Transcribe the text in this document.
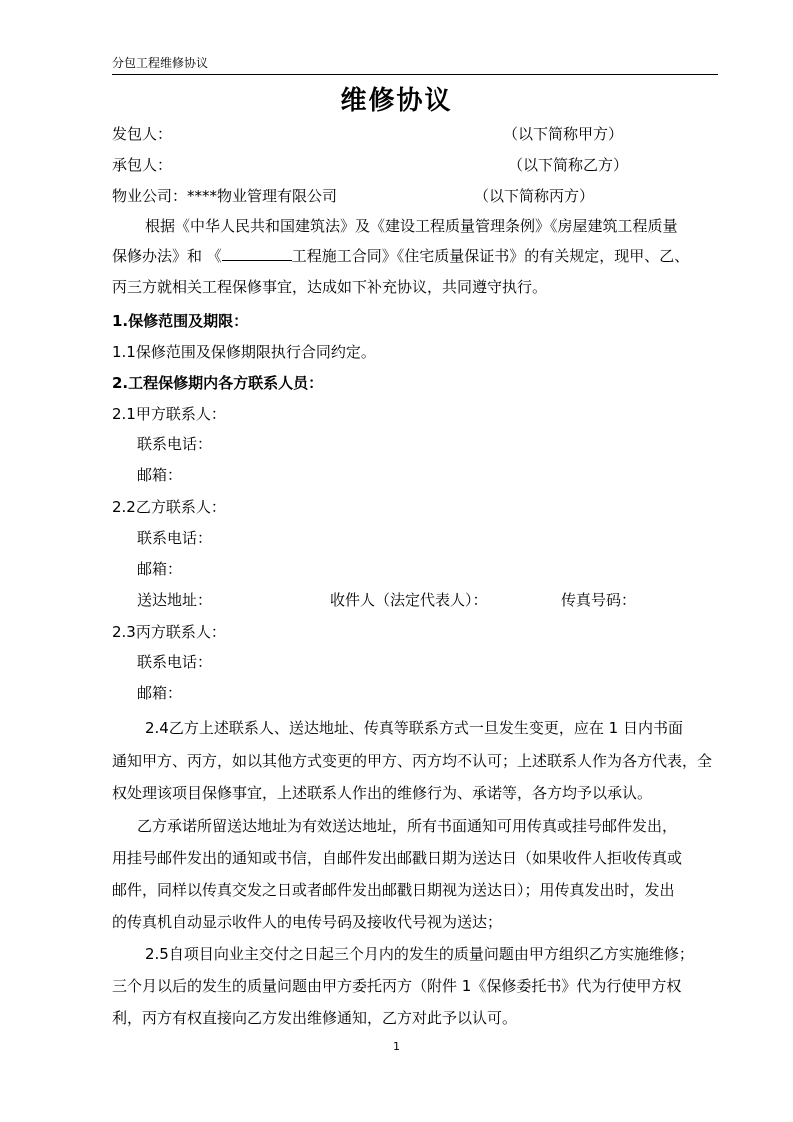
分包工程维修协议
维修协议
发包人：	（以下简称甲方）
承包人：	（以下简称乙方）
物业公司：****物业管理有限公司	（以下简称丙方）
根据《中华人民共和国建筑法》及《建设工程质量管理条例》《房屋建筑工程质量
保修办法》和 《	工程施工合同》《住宅质量保证书》的有关规定，现甲、乙、
丙三方就相关工程保修事宜，达成如下补充协议，共同遵守执行。
1.保修范围及期限：
1.1保修范围及保修期限执行合同约定。
2.工程保修期内各方联系人员：
2.1甲方联系人：
联系电话：
邮箱：
2.2乙方联系人：
联系电话：
邮箱：
送达地址：	收件人（法定代表人）：	传真号码：
2.3丙方联系人：
联系电话：
邮箱：
2.4乙方上述联系人、送达地址、传真等联系方式一旦发生变更，应在 1 日内书面
通知甲方、丙方，如以其他方式变更的甲方、丙方均不认可；上述联系人作为各方代表，全
权处理该项目保修事宜，上述联系人作出的维修行为、承诺等，各方均予以承认。
乙方承诺所留送达地址为有效送达地址，所有书面通知可用传真或挂号邮件发出，
用挂号邮件发出的通知或书信，自邮件发出邮戳日期为送达日（如果收件人拒收传真或
邮件，同样以传真交发之日或者邮件发出邮戳日期视为送达日）；用传真发出时，发出
的传真机自动显示收件人的电传号码及接收代号视为送达；
2.5自项目向业主交付之日起三个月内的发生的质量问题由甲方组织乙方实施维修；
三个月以后的发生的质量问题由甲方委托丙方（附件 1《保修委托书》代为行使甲方权
利，丙方有权直接向乙方发出维修通知，乙方对此予以认可。
1
